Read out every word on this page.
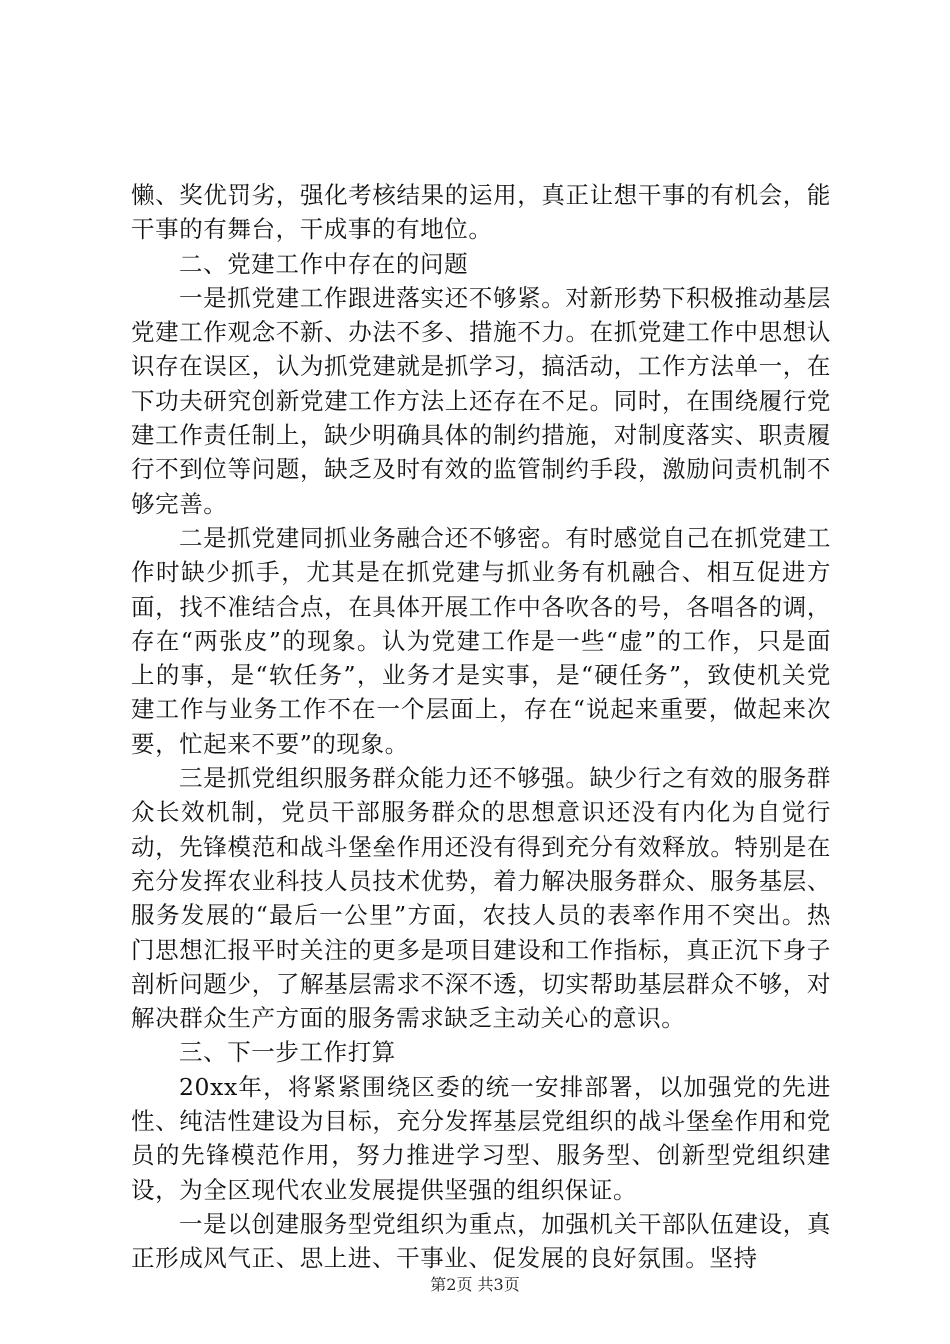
懒、奖优罚劣，强化考核结果的运用，真正让想干事的有机会，能干事的有舞台，干成事的有地位。

二、党建工作中存在的问题

一是抓党建工作跟进落实还不够紧。对新形势下积极推动基层党建工作观念不新、办法不多、措施不力。在抓党建工作中思想认识存在误区，认为抓党建就是抓学习，搞活动，工作方法单一，在下功夫研究创新党建工作方法上还存在不足。同时，在围绕履行党建工作责任制上，缺少明确具体的制约措施，对制度落实、职责履行不到位等问题，缺乏及时有效的监管制约手段，激励问责机制不够完善。

二是抓党建同抓业务融合还不够密。有时感觉自己在抓党建工作时缺少抓手，尤其是在抓党建与抓业务有机融合、相互促进方面，找不准结合点，在具体开展工作中各吹各的号，各唱各的调，存在“两张皮”的现象。认为党建工作是一些“虚”的工作，只是面上的事，是“软任务”，业务才是实事，是“硬任务”，致使机关党建工作与业务工作不在一个层面上，存在“说起来重要，做起来次要，忙起来不要”的现象。

三是抓党组织服务群众能力还不够强。缺少行之有效的服务群众长效机制，党员干部服务群众的思想意识还没有内化为自觉行动，先锋模范和战斗堡垒作用还没有得到充分有效释放。特别是在充分发挥农业科技人员技术优势，着力解决服务群众、服务基层、服务发展的“最后一公里”方面，农技人员的表率作用不突出。热门思想汇报平时关注的更多是项目建设和工作指标，真正沉下身子剖析问题少，了解基层需求不深不透，切实帮助基层群众不够，对解决群众生产方面的服务需求缺乏主动关心的意识。

三、下一步工作打算

20xx年，将紧紧围绕区委的统一安排部署，以加强党的先进性、纯洁性建设为目标，充分发挥基层党组织的战斗堡垒作用和党员的先锋模范作用，努力推进学习型、服务型、创新型党组织建设，为全区现代农业发展提供坚强的组织保证。

一是以创建服务型党组织为重点，加强机关干部队伍建设，真正形成风气正、思上进、干事业、促发展的良好氛围。坚持

第2页 共3页
